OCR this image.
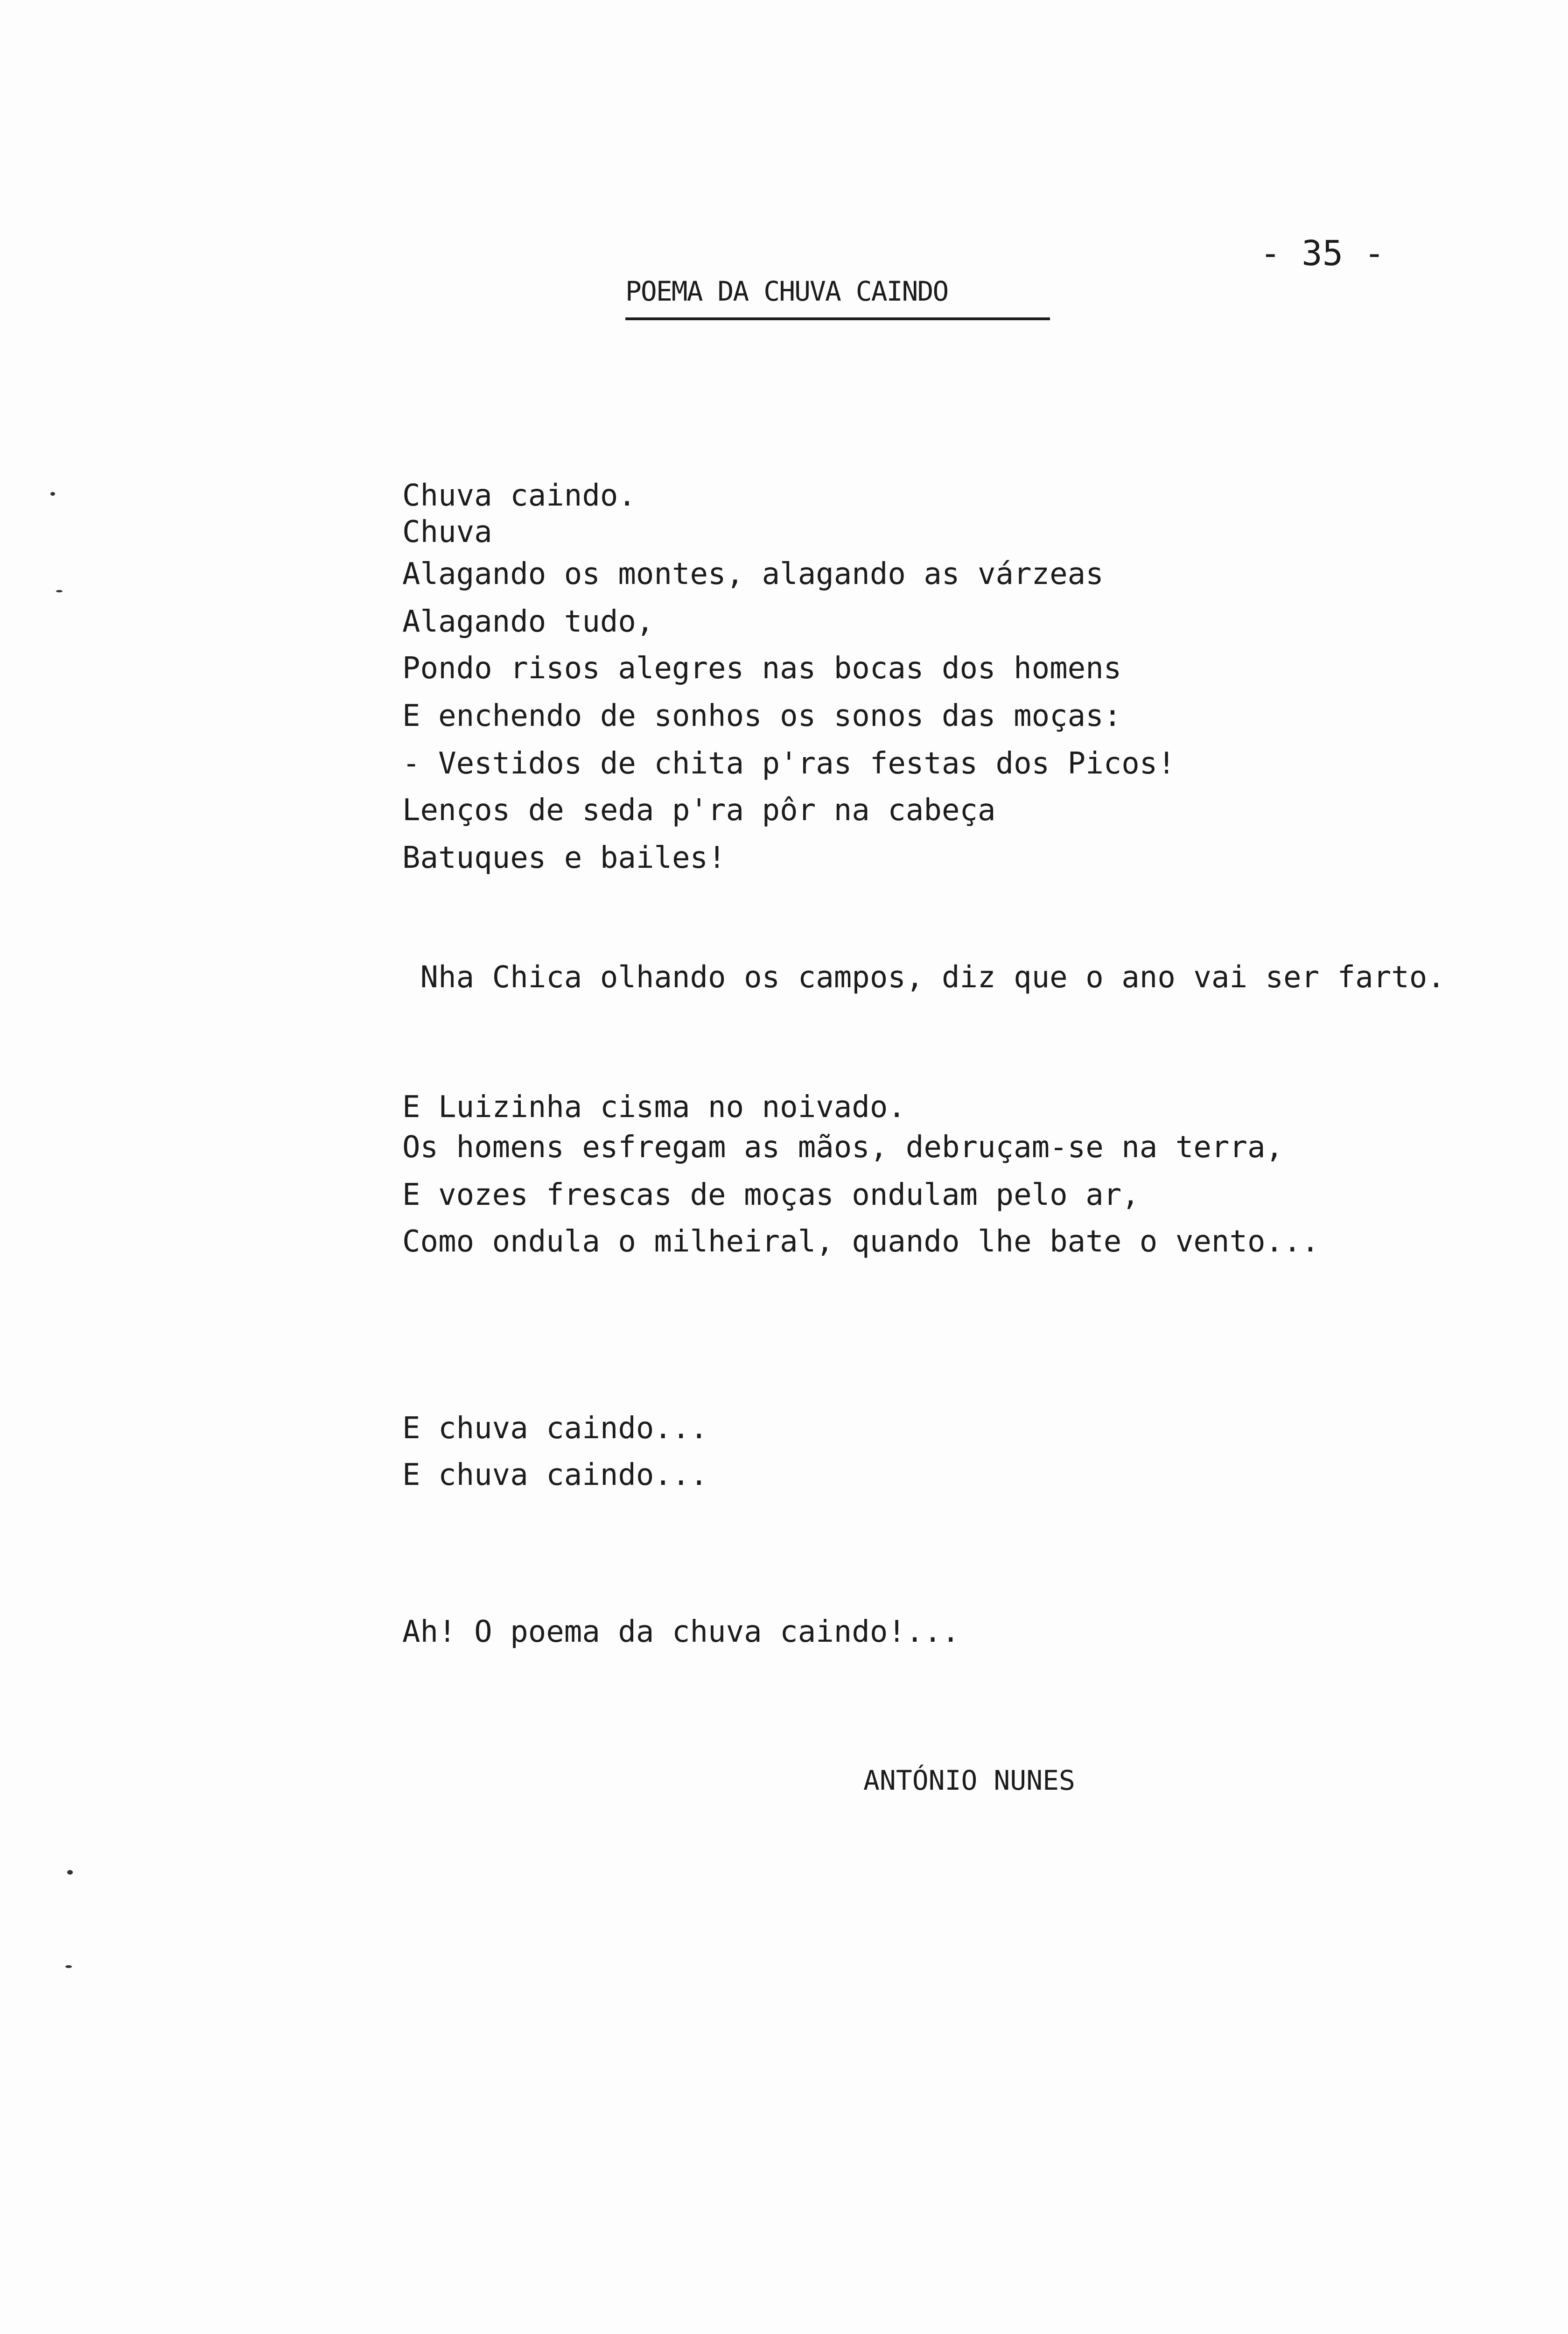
- 35 -
POEMA DA CHUVA CAINDO
Chuva caindo.
Chuva
Alagando os montes, alagando as várzeas
Alagando tudo,
Pondo risos alegres nas bocas dos homens
E enchendo de sonhos os sonos das moças:
- Vestidos de chita p'ras festas dos Picos!
Lenços de seda p'ra pôr na cabeça
Batuques e bailes!
Nha Chica olhando os campos, diz que o ano vai ser farto.
E Luizinha cisma no noivado.
Os homens esfregam as mãos, debruçam-se na terra,
E vozes frescas de moças ondulam pelo ar,
Como ondula o milheiral, quando lhe bate o vento...
E chuva caindo...
E chuva caindo...
Ah! O poema da chuva caindo!...
ANTÓNIO NUNES
